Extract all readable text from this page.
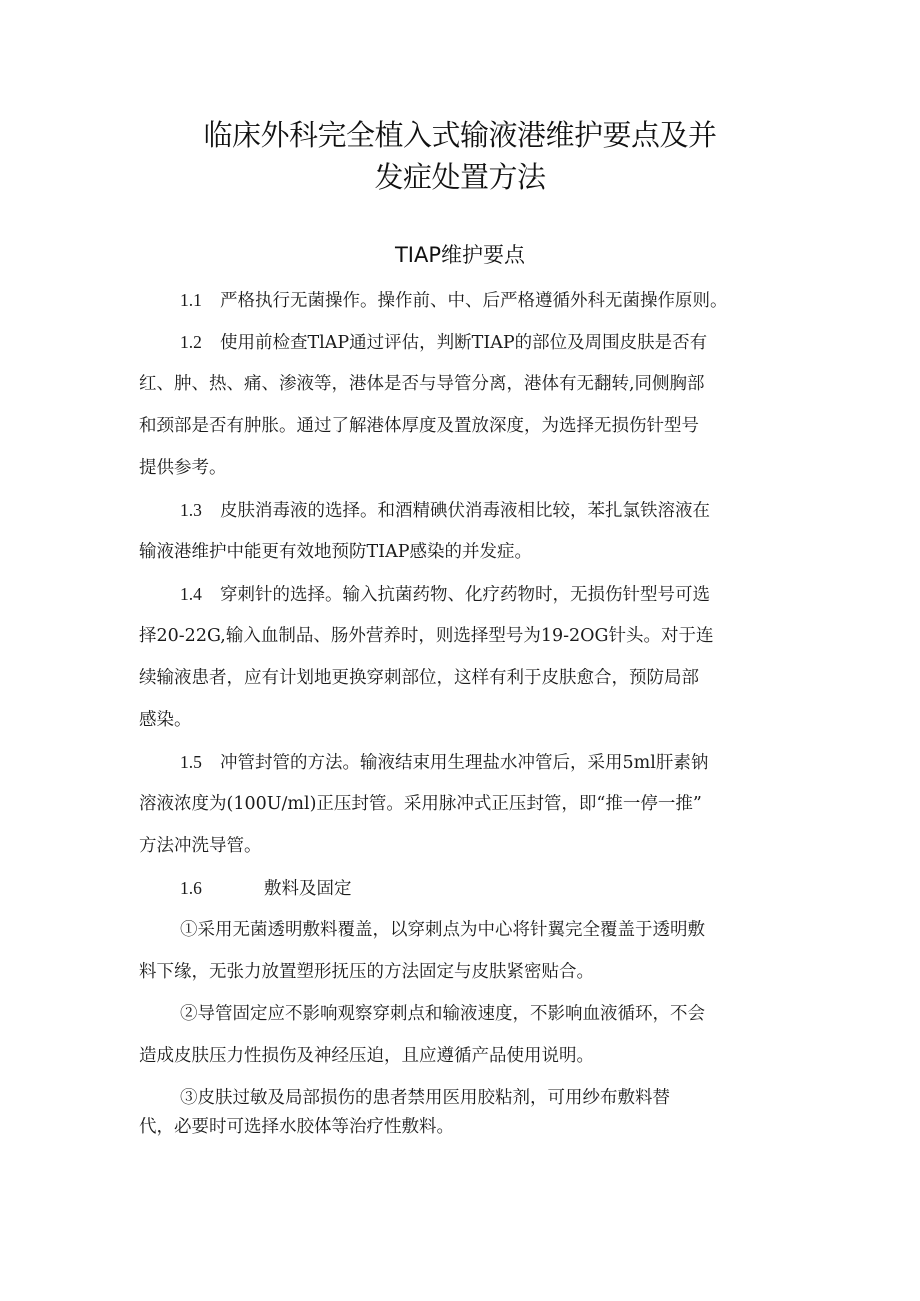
临床外科完全植入式输液港维护要点及并
发症处置方法
TIAP维护要点
1.1 严格执行无菌操作。操作前、中、后严格遵循外科无菌操作原则。
1.2 使用前检查TlAP通过评估，判断TIAP的部位及周围皮肤是否有
红、肿、热、痛、渗液等，港体是否与导管分离，港体有无翻转,同侧胸部
和颈部是否有肿胀。通过了解港体厚度及置放深度，为选择无损伤针型号
提供参考。
1.3 皮肤消毒液的选择。和酒精碘伏消毒液相比较，苯扎氯铁溶液在
输液港维护中能更有效地预防TIAP感染的并发症。
1.4 穿刺针的选择。输入抗菌药物、化疗药物时，无损伤针型号可选
择20-22G,输入血制品、肠外营养时，则选择型号为19-2OG针头。对于连
续输液患者，应有计划地更换穿刺部位，这样有利于皮肤愈合，预防局部
感染。
1.5 冲管封管的方法。输液结束用生理盐水冲管后，采用5ml肝素钠
溶液浓度为(100U∕ml)正压封管。采用脉冲式正压封管，即“推一停一推”
方法冲洗导管。
1.6	敷料及固定
①采用无菌透明敷料覆盖，以穿刺点为中心将针翼完全覆盖于透明敷
料下缘，无张力放置塑形抚压的方法固定与皮肤紧密贴合。
②导管固定应不影响观察穿刺点和输液速度，不影响血液循环，不会
造成皮肤压力性损伤及神经压迫，且应遵循产品使用说明。
③皮肤过敏及局部损伤的患者禁用医用胶粘剂，可用纱布敷料替
代，必要时可选择水胶体等治疗性敷料。
